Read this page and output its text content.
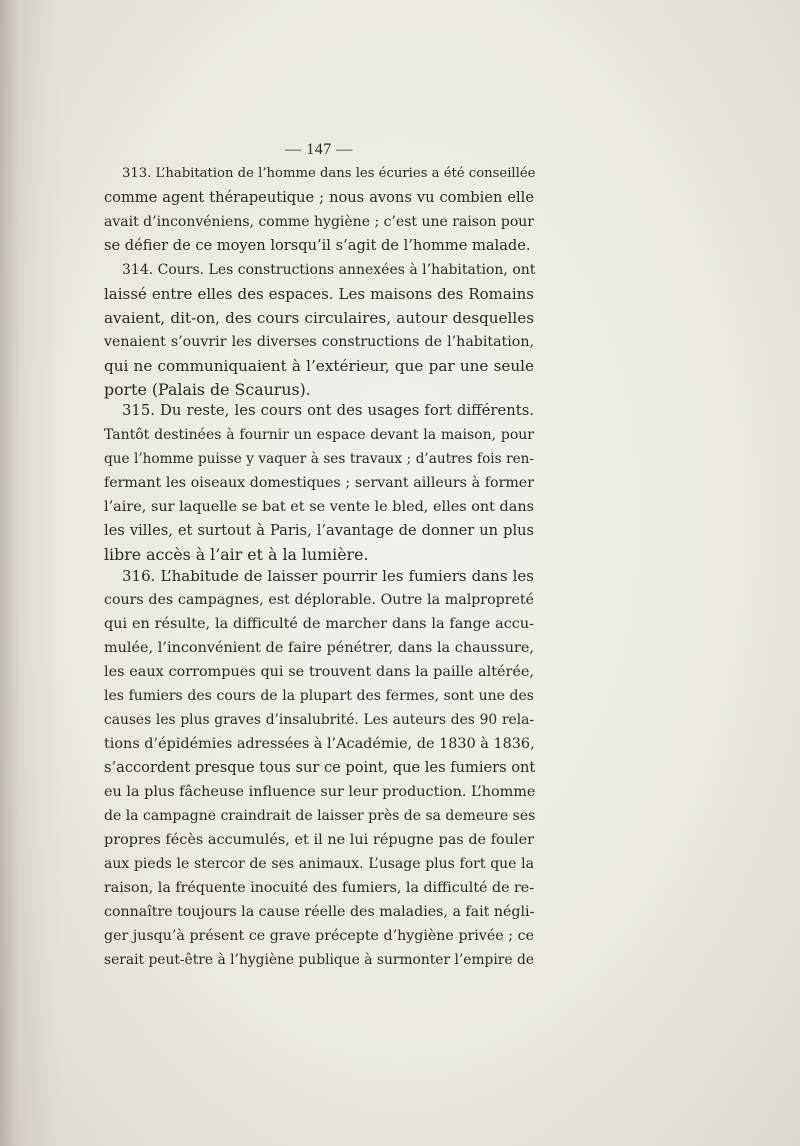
— 147 —
313. L’habitation de l’homme dans les écuries a été conseillée
comme agent thérapeutique ; nous avons vu combien elle
avait d’inconvéniens, comme hygiène ; c’est une raison pour
se défier de ce moyen lorsqu’il s’agit de l’homme malade.
314. Cours. Les constructions annexées à l’habitation, ont
laissé entre elles des espaces. Les maisons des Romains
avaient, dit-on, des cours circulaires, autour desquelles
venaient s’ouvrir les diverses constructions de l’habitation,
qui ne communiquaient à l’extérieur, que par une seule
porte (Palais de Scaurus).
315. Du reste, les cours ont des usages fort différents.
Tantôt destinées à fournir un espace devant la maison, pour
que l’homme puisse y vaquer à ses travaux ; d’autres fois ren-
fermant les oiseaux domestiques ; servant ailleurs à former
l’aire, sur laquelle se bat et se vente le bled, elles ont dans
les villes, et surtout à Paris, l’avantage de donner un plus
libre accès à l’air et à la lumière.
316. L’habitude de laisser pourrir les fumiers dans les
cours des campagnes, est déplorable. Outre la malpropreté
qui en résulte, la difficulté de marcher dans la fange accu-
mulée, l’inconvénient de faire pénétrer, dans la chaussure,
les eaux corrompues qui se trouvent dans la paille altérée,
les fumiers des cours de la plupart des fermes, sont une des
causes les plus graves d’insalubrité. Les auteurs des 90 rela-
tions d’épidémies adressées à l’Académie, de 1830 à 1836,
s’accordent presque tous sur ce point, que les fumiers ont
eu la plus fâcheuse influence sur leur production. L’homme
de la campagne craindrait de laisser près de sa demeure ses
propres fécès accumulés, et il ne lui répugne pas de fouler
aux pieds le stercor de ses animaux. L’usage plus fort que la
raison, la fréquente inocuité des fumiers, la difficulté de re-
connaître toujours la cause réelle des maladies, a fait négli-
ger jusqu’à présent ce grave précepte d’hygiène privée ; ce
serait peut-être à l’hygiène publique à surmonter l’empire de
